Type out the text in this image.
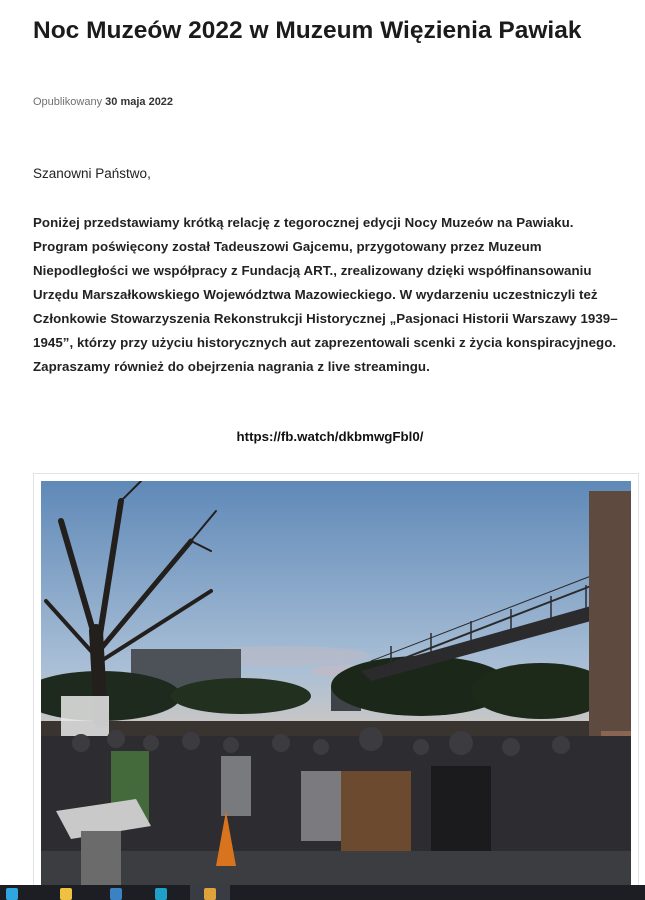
Noc Muzeów 2022 w Muzeum Więzienia Pawiak
Opublikowany 30 maja 2022
Szanowni Państwo,
Poniżej przedstawiamy krótką relację z tegorocznej edycji Nocy Muzeów na Pawiaku. Program poświęcony został Tadeuszowi Gajcemu, przygotowany przez Muzeum Niepodległości we współpracy z Fundacją ART., zrealizowany dzięki współfinansowaniu Urzędu Marszałkowskiego Województwa Mazowieckiego. W wydarzeniu uczestniczyli też Członkowie Stowarzyszenia Rekonstrukcji Historycznej „Pasjonaci Historii Warszawy 1939–1945”, którzy przy użyciu historycznych aut zaprezentowali scenki z życia konspiracyjnego. Zapraszamy również do obejrzenia nagrania z live streamingu.
https://fb.watch/dkbmwgFbl0/
